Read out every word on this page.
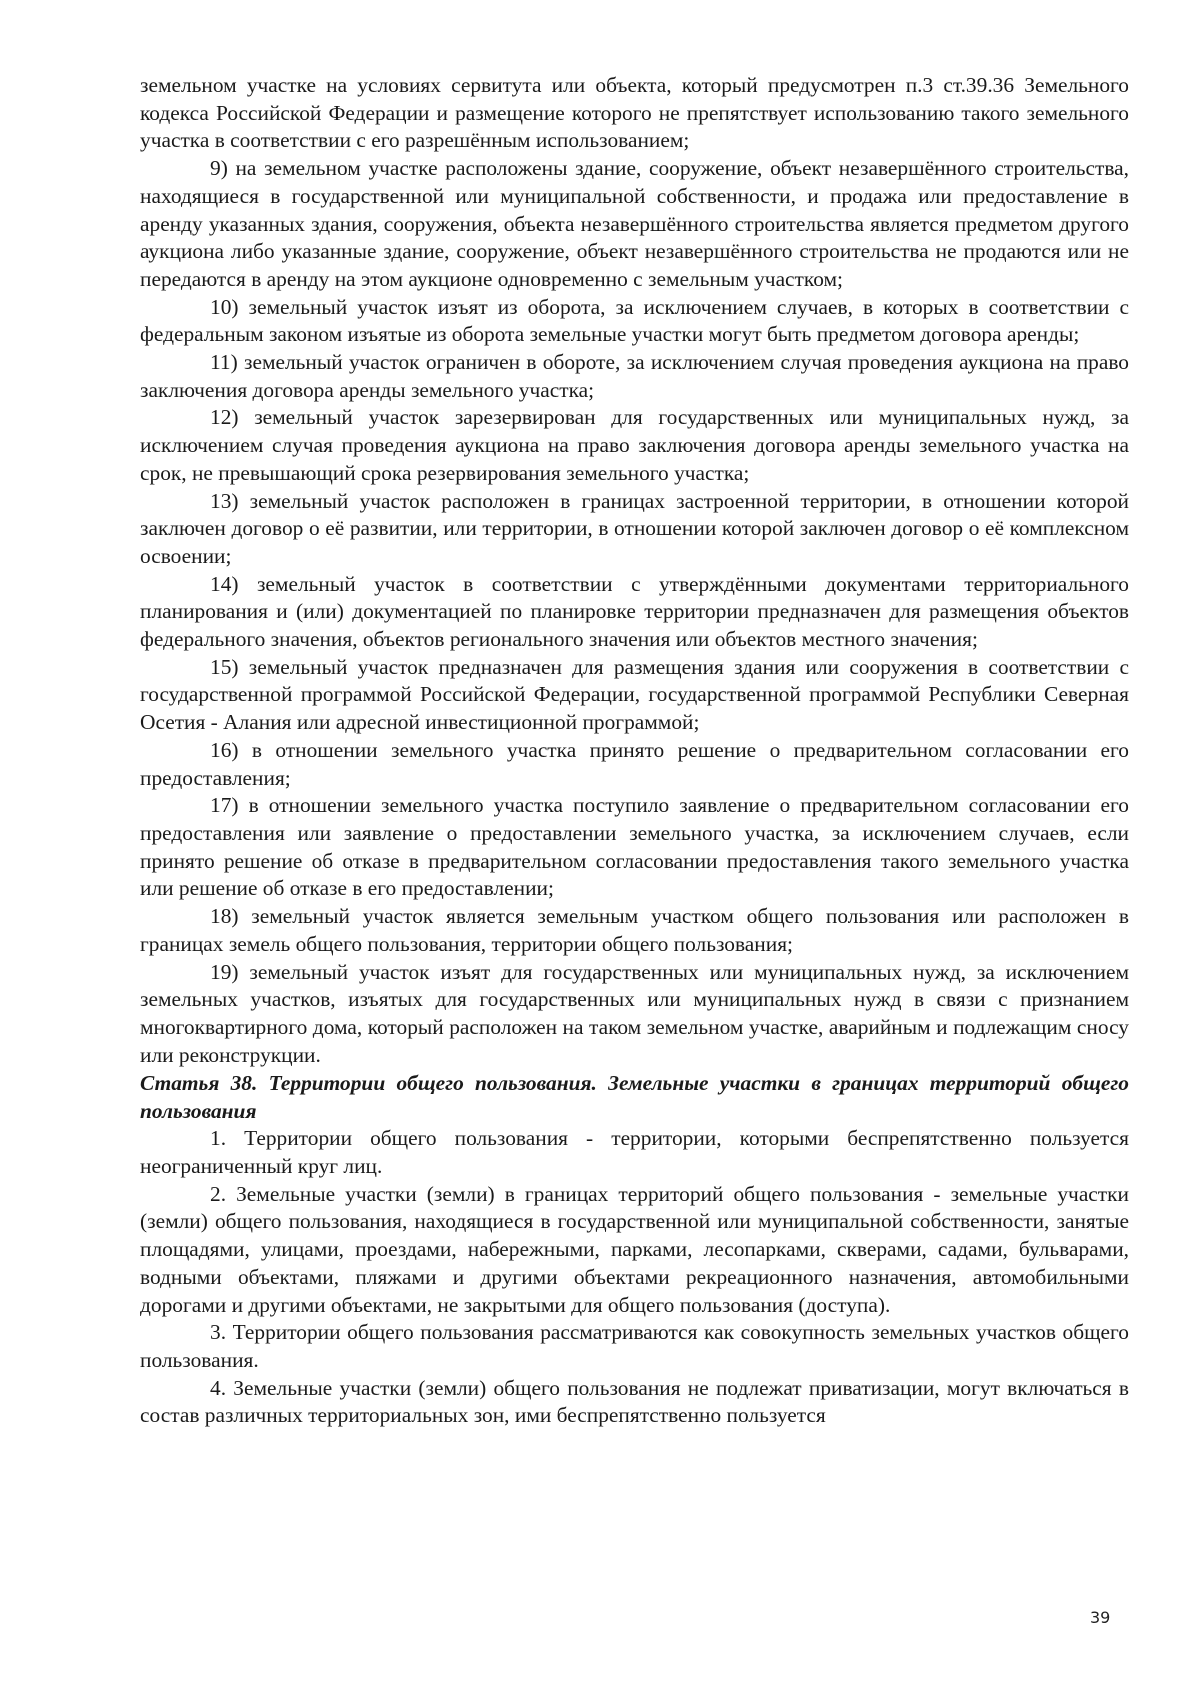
земельном участке на условиях сервитута или объекта, который предусмотрен п.3 ст.39.36 Земельного кодекса Российской Федерации и размещение которого не препятствует использованию такого земельного участка в соответствии с его разрешённым использованием;

9) на земельном участке расположены здание, сооружение, объект незавершённого строительства, находящиеся в государственной или муниципальной собственности, и продажа или предоставление в аренду указанных здания, сооружения, объекта незавершённого строительства является предметом другого аукциона либо указанные здание, сооружение, объект незавершённого строительства не продаются или не передаются в аренду на этом аукционе одновременно с земельным участком;

10) земельный участок изъят из оборота, за исключением случаев, в которых в соответствии с федеральным законом изъятые из оборота земельные участки могут быть предметом договора аренды;

11) земельный участок ограничен в обороте, за исключением случая проведения аукциона на право заключения договора аренды земельного участка;

12) земельный участок зарезервирован для государственных или муниципальных нужд, за исключением случая проведения аукциона на право заключения договора аренды земельного участка на срок, не превышающий срока резервирования земельного участка;

13) земельный участок расположен в границах застроенной территории, в отношении которой заключен договор о её развитии, или территории, в отношении которой заключен договор о её комплексном освоении;

14) земельный участок в соответствии с утверждёнными документами территориального планирования и (или) документацией по планировке территории предназначен для размещения объектов федерального значения, объектов регионального значения или объектов местного значения;

15) земельный участок предназначен для размещения здания или сооружения в соответствии с государственной программой Российской Федерации, государственной программой Республики Северная Осетия - Алания или адресной инвестиционной программой;

16) в отношении земельного участка принято решение о предварительном согласовании его предоставления;

17) в отношении земельного участка поступило заявление о предварительном согласовании его предоставления или заявление о предоставлении земельного участка, за исключением случаев, если принято решение об отказе в предварительном согласовании предоставления такого земельного участка или решение об отказе в его предоставлении;

18) земельный участок является земельным участком общего пользования или расположен в границах земель общего пользования, территории общего пользования;

19) земельный участок изъят для государственных или муниципальных нужд, за исключением земельных участков, изъятых для государственных или муниципальных нужд в связи с признанием многоквартирного дома, который расположен на таком земельном участке, аварийным и подлежащим сносу или реконструкции.

Статья 38. Территории общего пользования. Земельные участки в границах территорий общего пользования

1. Территории общего пользования - территории, которыми беспрепятственно пользуется неограниченный круг лиц.

2. Земельные участки (земли) в границах территорий общего пользования - земельные участки (земли) общего пользования, находящиеся в государственной или муниципальной собственности, занятые площадями, улицами, проездами, набережными, парками, лесопарками, скверами, садами, бульварами, водными объектами, пляжами и другими объектами рекреационного назначения, автомобильными дорогами и другими объектами, не закрытыми для общего пользования (доступа).

3. Территории общего пользования рассматриваются как совокупность земельных участков общего пользования.

4. Земельные участки (земли) общего пользования не подлежат приватизации, могут включаться в состав различных территориальных зон, ими беспрепятственно пользуется

39
